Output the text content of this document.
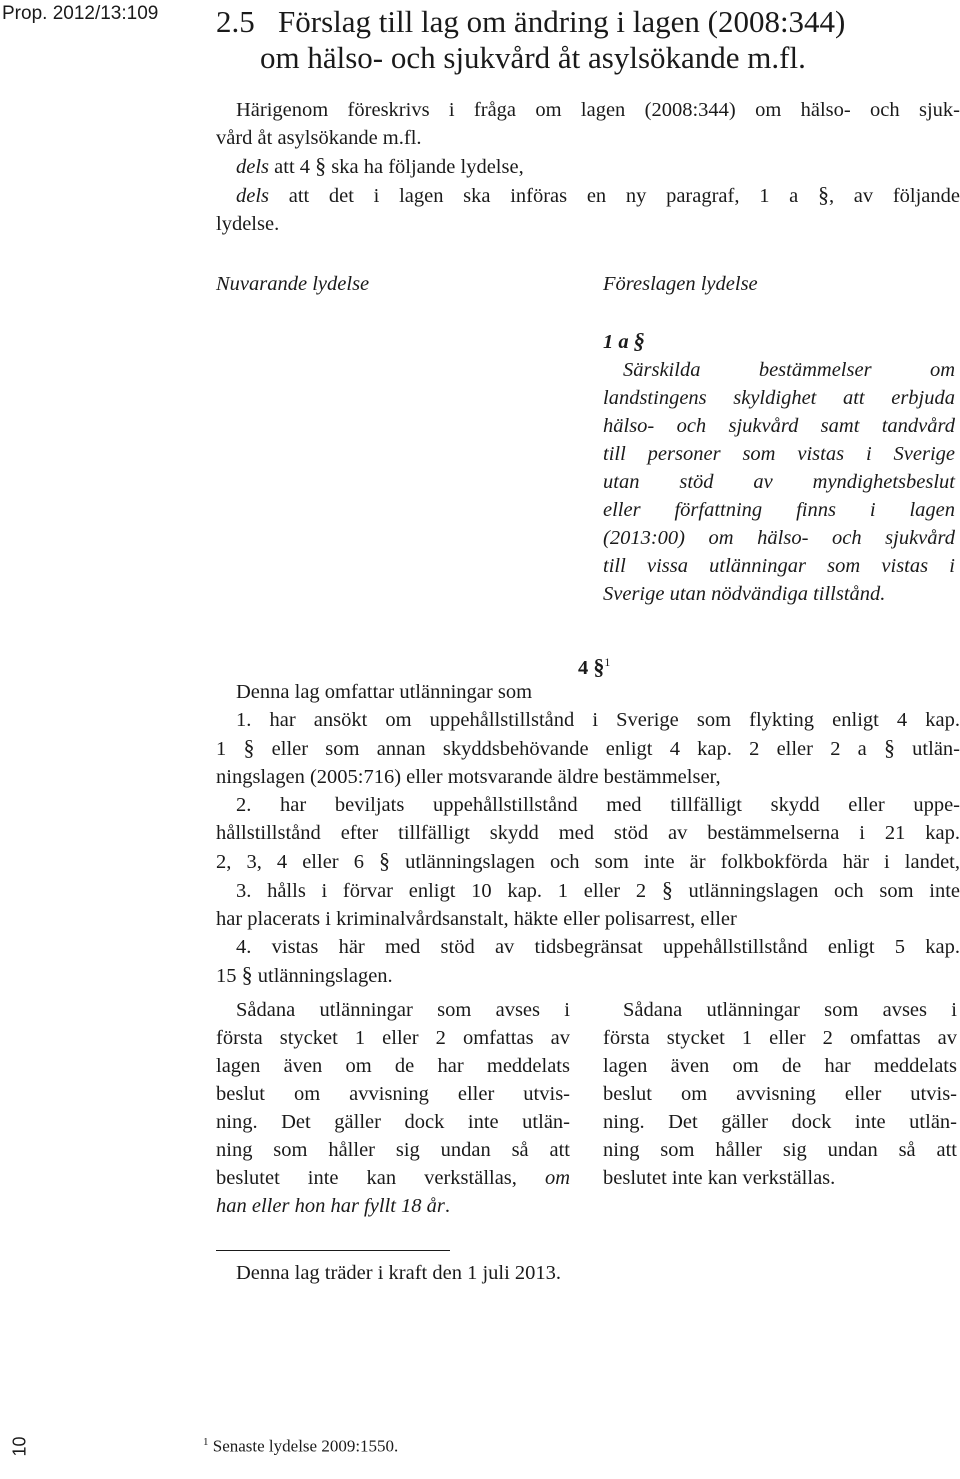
Prop. 2012/13:109 2.5 Förslag till lag om ändring i lagen (2008:344)
om hälso- och sjukvård åt asylsökande m.fl.
Härigenom föreskrivs i fråga om lagen (2008:344) om hälso- och sjuk-
vård åt asylsökande m.fl.
dels att 4 § ska ha följande lydelse,
dels att det i lagen ska införas en ny paragraf, 1 a §, av följande
lydelse.
Nuvarande lydelse	Föreslagen lydelse
1 a §
Särskilda bestämmelser om
landstingens skyldighet att erbjuda
hälso- och sjukvård samt tandvård
till personer som vistas i Sverige
utan stöd av myndighetsbeslut
eller författning finns i lagen
(2013:00) om hälso- och sjukvård
till vissa utlänningar som vistas i
Sverige utan nödvändiga tillstånd.
4 §$^1$
Denna lag omfattar utlänningar som
1. har ansökt om uppehållstillstånd i Sverige som flykting enligt 4 kap.
1 § eller som annan skyddsbehövande enligt 4 kap. 2 eller 2 a § utlän-
ningslagen (2005:716) eller motsvarande äldre bestämmelser,
2. har beviljats uppehållstillstånd med tillfälligt skydd eller uppe-
hållstillstånd efter tillfälligt skydd med stöd av bestämmelserna i 21 kap.
2, 3, 4 eller 6 § utlänningslagen och som inte är folkbokförda här i landet,
3. hålls i förvar enligt 10 kap. 1 eller 2 § utlänningslagen och som inte
har placerats i kriminalvårdsanstalt, häkte eller polisarrest, eller
4. vistas här med stöd av tidsbegränsat uppehållstillstånd enligt 5 kap.
15 § utlänningslagen.
Sådana utlänningar som avses i
första stycket 1 eller 2 omfattas av
lagen även om de har meddelats
beslut om avvisning eller utvis-
ning. Det gäller dock inte utlän-
ning som håller sig undan så att
beslutet inte kan verkställas, om
han eller hon har fyllt 18 år.
Sådana utlänningar som avses i
första stycket 1 eller 2 omfattas av
lagen även om de har meddelats
beslut om avvisning eller utvis-
ning. Det gäller dock inte utlän-
ning som håller sig undan så att
beslutet inte kan verkställas.
Denna lag träder i kraft den 1 juli 2013.
$^1$ Senaste lydelse 2009:1550.
10
